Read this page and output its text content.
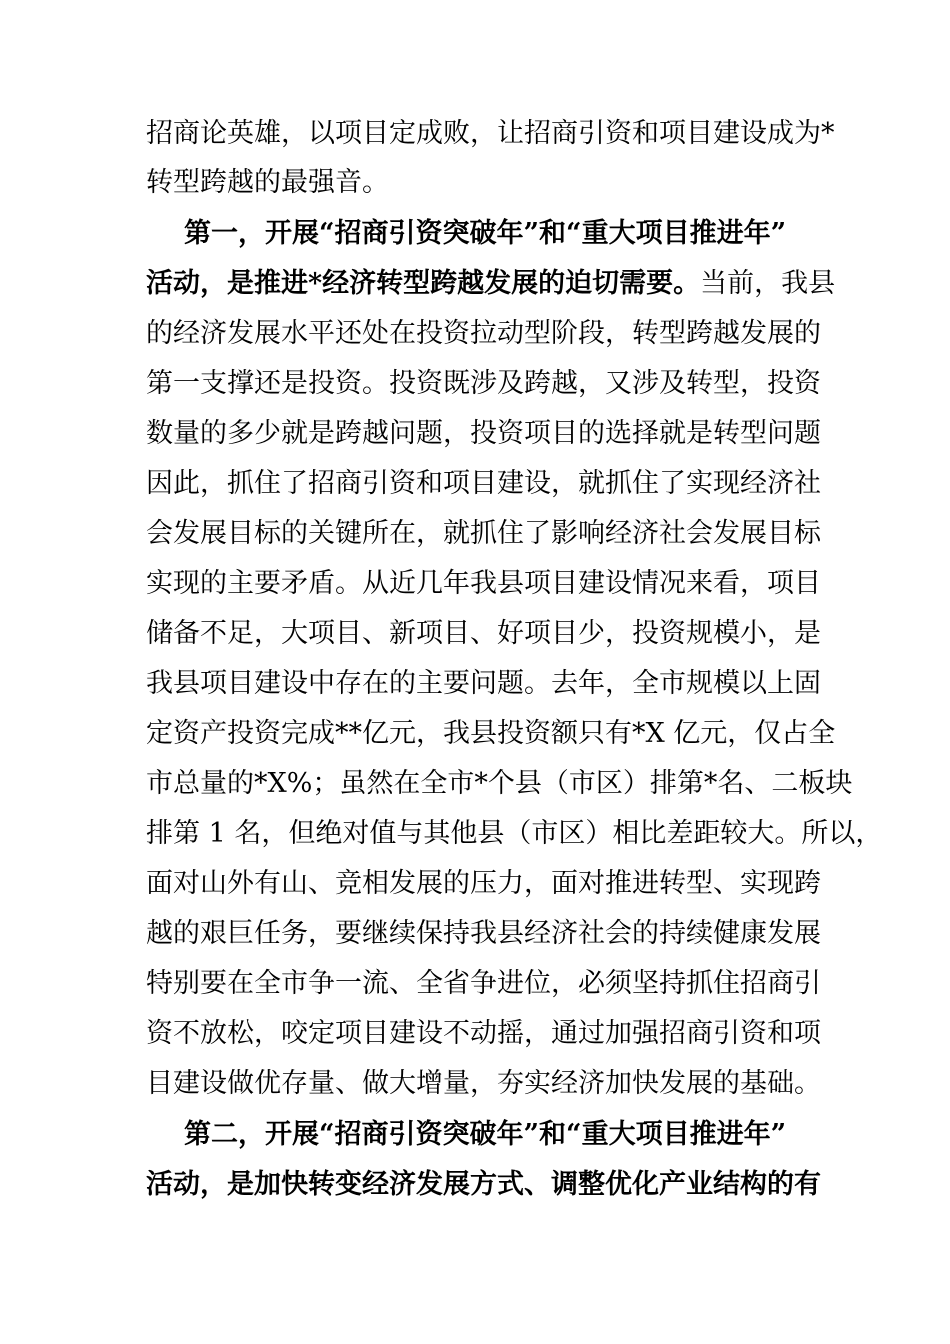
招商论英雄，以项目定成败，让招商引资和项目建设成为*
转型跨越的最强音。
第一，开展“招商引资突破年”和“重大项目推进年”
活动，是推进*经济转型跨越发展的迫切需要。当前，我县
的经济发展水平还处在投资拉动型阶段，转型跨越发展的
第一支撑还是投资。投资既涉及跨越，又涉及转型，投资
数量的多少就是跨越问题，投资项目的选择就是转型问题
因此，抓住了招商引资和项目建设，就抓住了实现经济社
会发展目标的关键所在，就抓住了影响经济社会发展目标
实现的主要矛盾。从近几年我县项目建设情况来看，项目
储备不足，大项目、新项目、好项目少，投资规模小，是
我县项目建设中存在的主要问题。去年，全市规模以上固
定资产投资完成**亿元，我县投资额只有*X 亿元，仅占全
市总量的*X%；虽然在全市*个县（市区）排第*名、二板块
排第 1 名，但绝对值与其他县（市区）相比差距较大。所以，
面对山外有山、竞相发展的压力，面对推进转型、实现跨
越的艰巨任务，要继续保持我县经济社会的持续健康发展
特别要在全市争一流、全省争进位，必须坚持抓住招商引
资不放松，咬定项目建设不动摇，通过加强招商引资和项
目建设做优存量、做大增量，夯实经济加快发展的基础。
第二，开展“招商引资突破年”和“重大项目推进年”
活动，是加快转变经济发展方式、调整优化产业结构的有
